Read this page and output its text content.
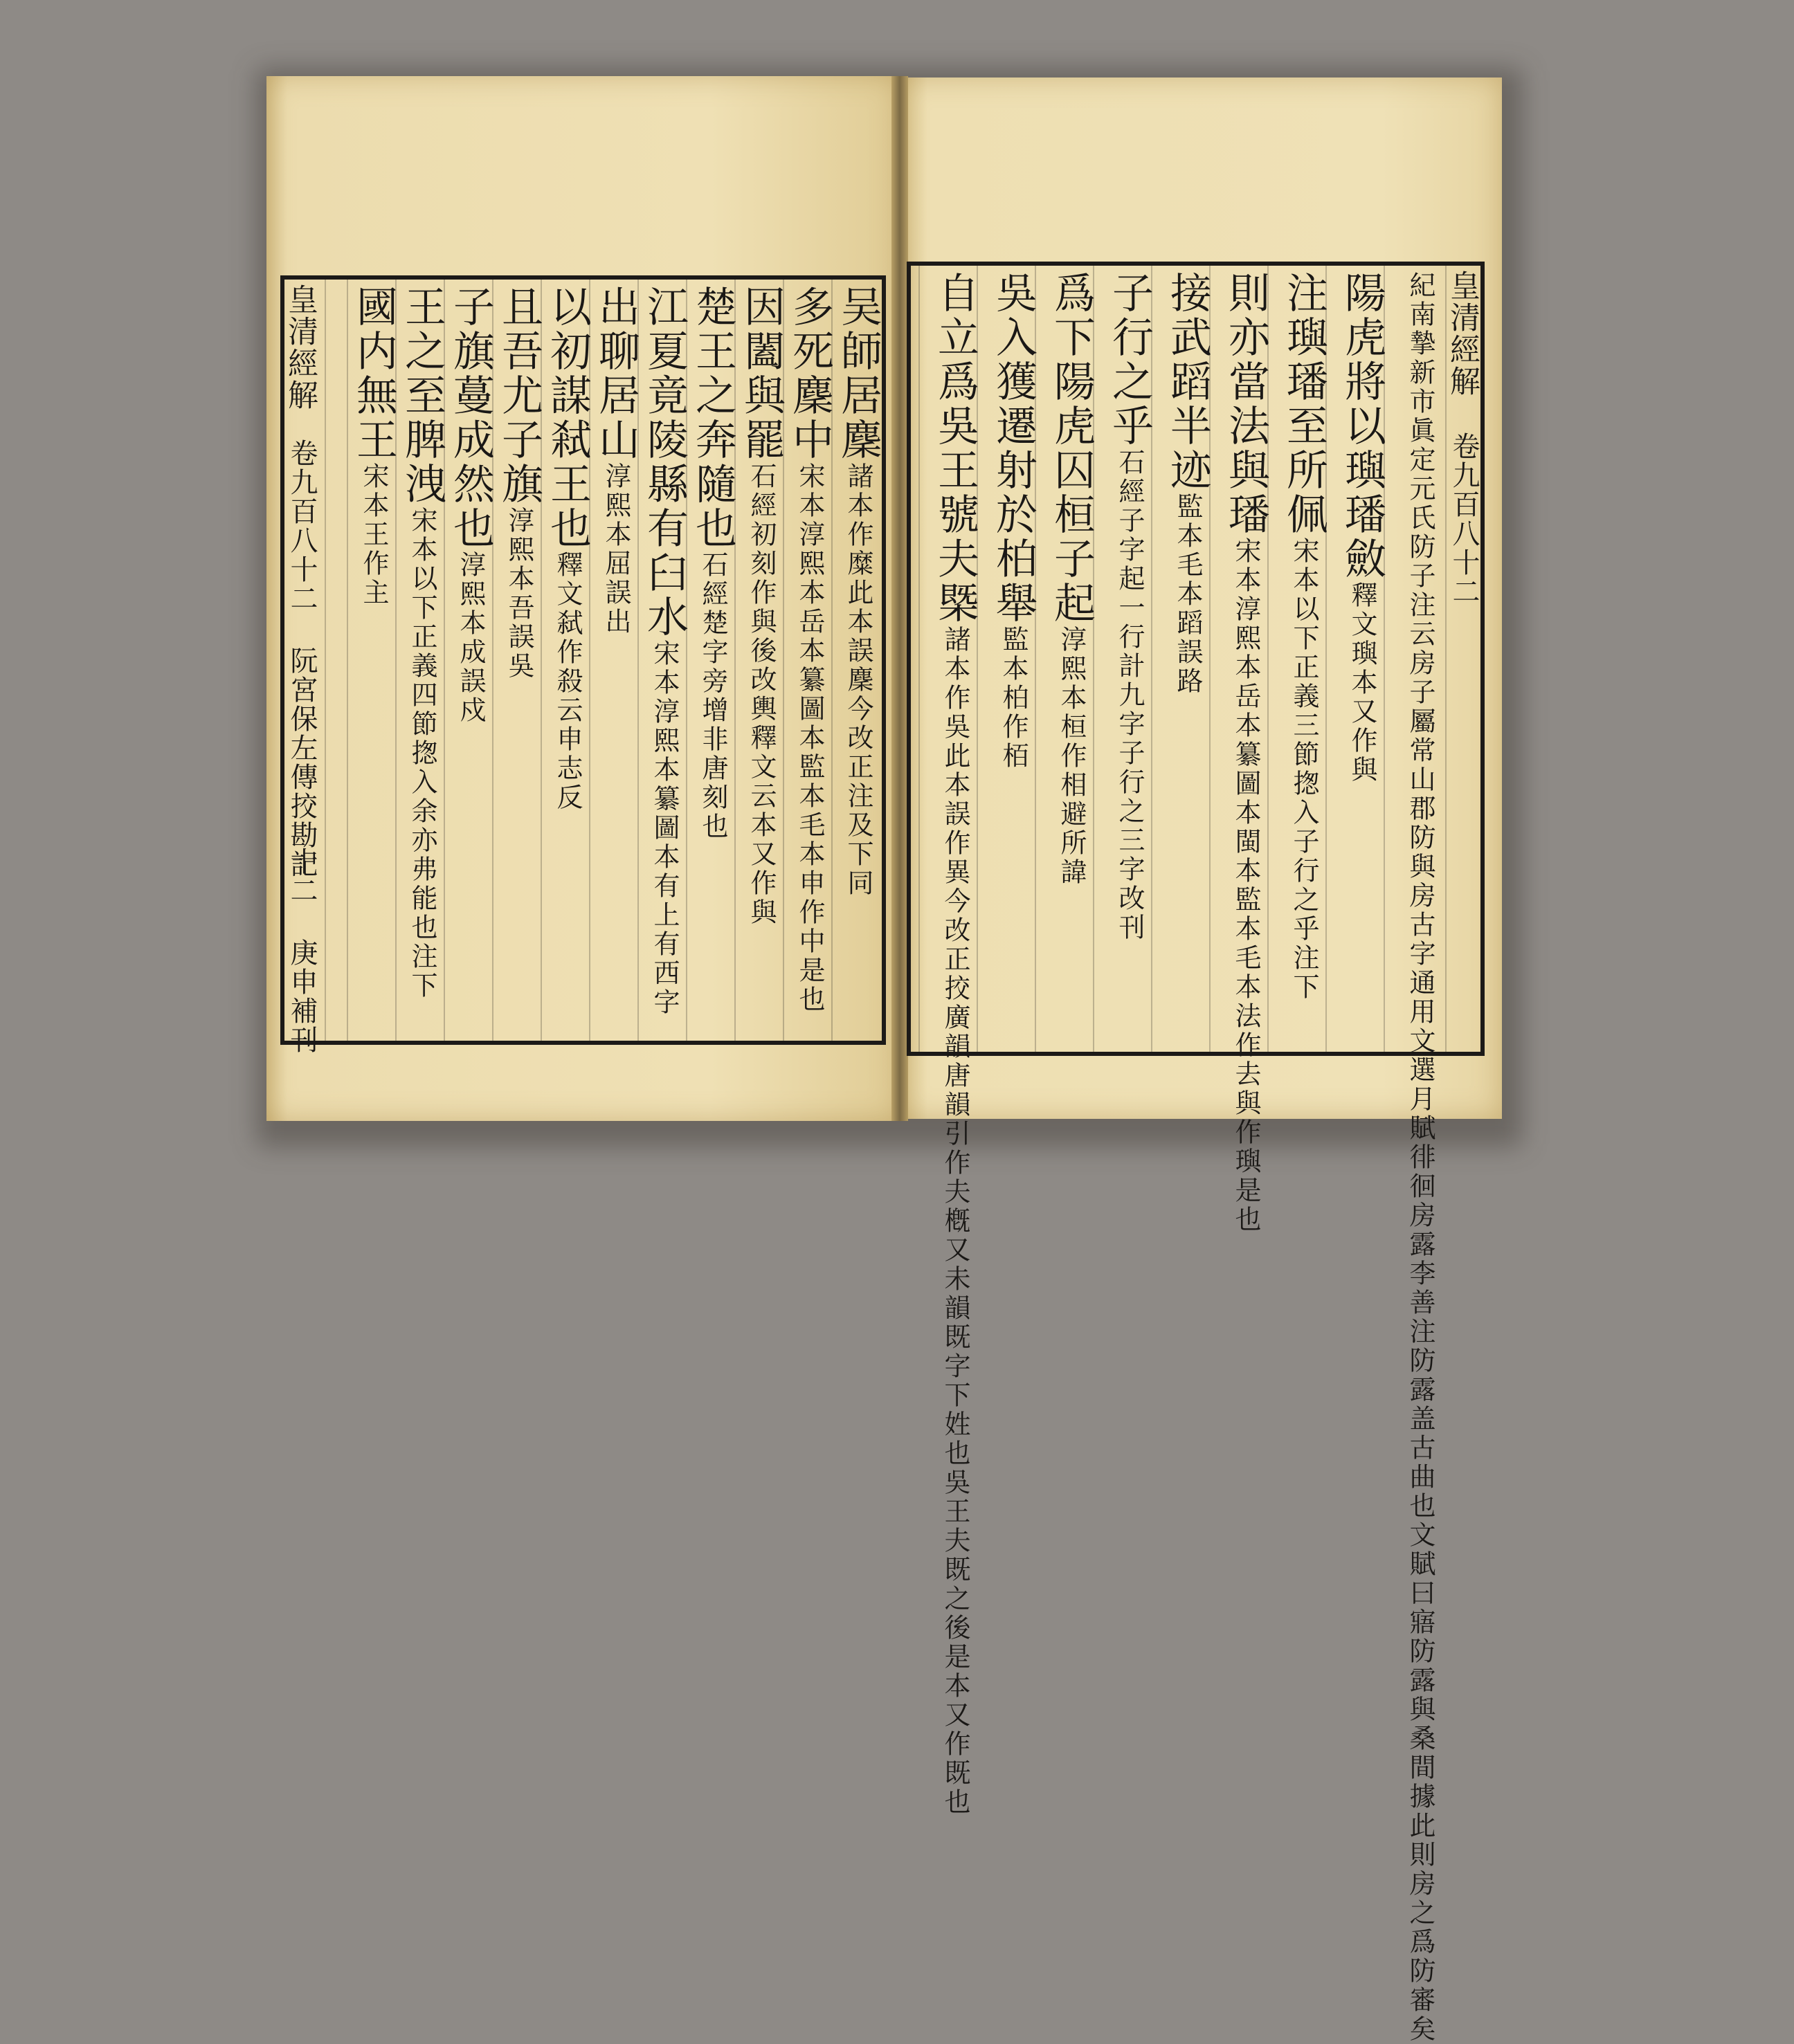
皇清經解
卷九百八十二 阮宮保左傳挍勘記
十二 庚申補刊
吴師居麇諸本作糜此本誤麇今改正注及下同
多死麇中宋本淳熙本岳本纂圖本監本毛本申作中是也
因闔與罷石經初刻作與後改輿釋文云本又作與
楚王之奔隨也石經楚字旁增非唐刻也
江夏竟陵縣有臼水宋本淳熙本纂圖本有上有西字
出聊居山淳熙本屈誤出
以初謀弒王也釋文弑作殺云申志反
且吾尤子旗淳熙本吾誤吳
子旗蔓成然也淳熙本成誤戍
王之至脾洩宋本以下正義四節揔入余亦弗能也注下
國内無王宋本王作主	紀南摯新市眞定元氏防子注云房子屬常山郡防與房古字通用文選月賦徘徊房露李善注防露盖古曲也文賦曰寤防露與桑間據此則房之爲防審矣
陽虎將以璵璠斂釋文璵本又作與
注璵璠至所佩宋本以下正義三節揔入子行之乎注下
則亦當法與璠宋本淳熙本岳本纂圖本閩本監本毛本法作去與作璵是也
接武蹈半迹監本毛本蹈誤路
子行之乎石經子字起一行計九字子行之三字改刊
爲下陽虎囚桓子起淳熙本桓作相避所諱
吳入獲遷射於柏舉監本柏作栢
自立爲吳王號夫槩諸本作吳此本誤作異今改正挍廣韻唐韻引作夫槪又未韻既字下姓也吳王夫既之後是本又作既也
皇清經解
卷九百八十二
